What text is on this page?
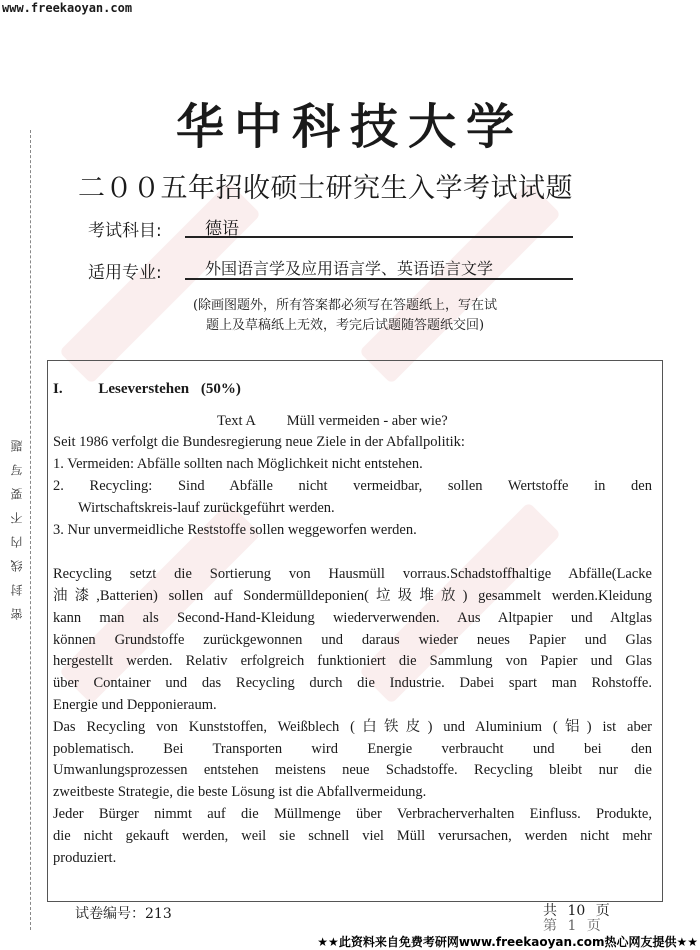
www.freekaoyan.com
密封线内不要写题
华中科技大学
二００五年招收硕士研究生入学考试试题
考试科目:	德语
适用专业:	外国语言学及应用语言学、英语语言文学
(除画图题外，所有答案都必须写在答题纸上，写在试
题上及草稿纸上无效，考完后试题随答题纸交回)
I. Leseverstehen (50%)
Text A Müll vermeiden - aber wie?
Seit 1986 verfolgt die Bundesregierung neue Ziele in der Abfallpolitik:
1. Vermeiden: Abfälle sollten nach Möglichkeit nicht entstehen.
2. Recycling: Sind Abfälle nicht vermeidbar, sollen Wertstoffe in den
Wirtschaftskreis-lauf zurückgeführt werden.
3. Nur unvermeidliche Reststoffe sollen weggeworfen werden.
Recycling setzt die Sortierung von Hausmüll vorraus.Schadstoffhaltige Abfälle(Lacke
油漆,Batterien) sollen auf Sondermülldeponien(垃圾堆放) gesammelt werden.Kleidung
kann man als Second-Hand-Kleidung wiederverwenden. Aus Altpapier und Altglas
können Grundstoffe zurückgewonnen und daraus wieder neues Papier und Glas
hergestellt werden. Relativ erfolgreich funktioniert die Sammlung von Papier und Glas
über Container und das Recycling durch die Industrie. Dabei spart man Rohstoffe.
Energie und Depponieraum.
Das Recycling von Kunststoffen, Weißblech (白铁皮) und Aluminium (铝) ist aber
poblematisch. Bei Transporten wird Energie verbraucht und bei den
Umwanlungsprozessen entstehen meistens neue Schadstoffe. Recycling bleibt nur die
zweitbeste Strategie, die beste Lösung ist die Abfallvermeidung.
Jeder Bürger nimmt auf die Müllmenge über Verbracherverhalten Einfluss. Produkte,
die nicht gekauft werden, weil sie schnell viel Müll verursachen, werden nicht mehr
produziert.
试卷编号：213	共 10 页
第 1 页
★★此资料来自免费考研网www.freekaoyan.com热心网友提供★★
